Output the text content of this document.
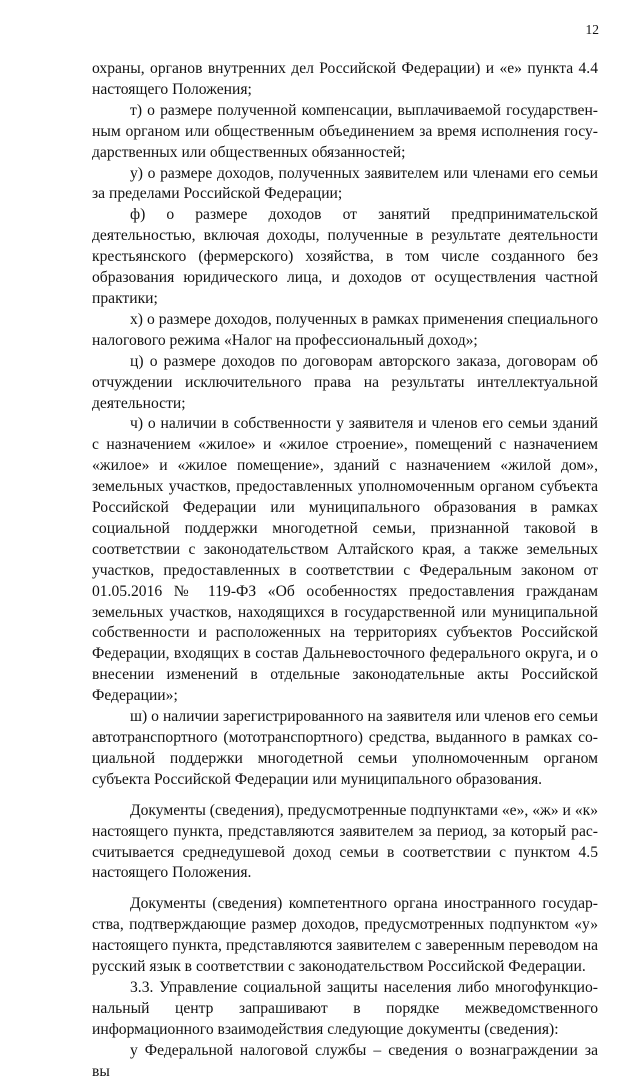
12

охраны, органов внутренних дел Российской Федерации) и «е» пункта 4.4 настоящего Положения;

т) о размере полученной компенсации, выплачиваемой государственным органом или общественным объединением за время исполнения государственных или общественных обязанностей;

у) о размере доходов, полученных заявителем или членами его семьи за пределами Российской Федерации;

ф) о размере доходов от занятий предпринимательской деятельностью, включая доходы, полученные в результате деятельности крестьянского (фермерского) хозяйства, в том числе созданного без образования юридического лица, и доходов от осуществления частной практики;

х) о размере доходов, полученных в рамках применения специального налогового режима «Налог на профессиональный доход»;

ц) о размере доходов по договорам авторского заказа, договорам об отчуждении исключительного права на результаты интеллектуальной деятельности;

ч) о наличии в собственности у заявителя и членов его семьи зданий с назначением «жилое» и «жилое строение», помещений с назначением «жилое» и «жилое помещение», зданий с назначением «жилой дом», земельных участков, предоставленных уполномоченным органом субъекта Российской Федерации или муниципального образования в рамках социальной поддержки многодетной семьи, признанной таковой в соответствии с законодательством Алтайского края, а также земельных участков, предоставленных в соответствии с Федеральным законом от 01.05.2016 № 119-ФЗ «Об особенностях предоставления гражданам земельных участков, находящихся в государственной или муниципальной собственности и расположенных на территориях субъектов Российской Федерации, входящих в состав Дальневосточного федерального округа, и о внесении изменений в отдельные законодательные акты Российской Федерации»;

ш) о наличии зарегистрированного на заявителя или членов его семьи автотранспортного (мототранспортного) средства, выданного в рамках социальной поддержки многодетной семьи уполномоченным органом субъекта Российской Федерации или муниципального образования.

Документы (сведения), предусмотренные подпунктами «е», «ж» и «к» настоящего пункта, представляются заявителем за период, за который рассчитывается среднедушевой доход семьи в соответствии с пунктом 4.5 настоящего Положения.

Документы (сведения) компетентного органа иностранного государства, подтверждающие размер доходов, предусмотренных подпунктом «у» настоящего пункта, представляются заявителем с заверенным переводом на русский язык в соответствии с законодательством Российской Федерации.

3.3. Управление социальной защиты населения либо многофункциональный центр запрашивают в порядке межведомственного информационного взаимодействия следующие документы (сведения):

у Федеральной налоговой службы – сведения о вознаграждении за вы
